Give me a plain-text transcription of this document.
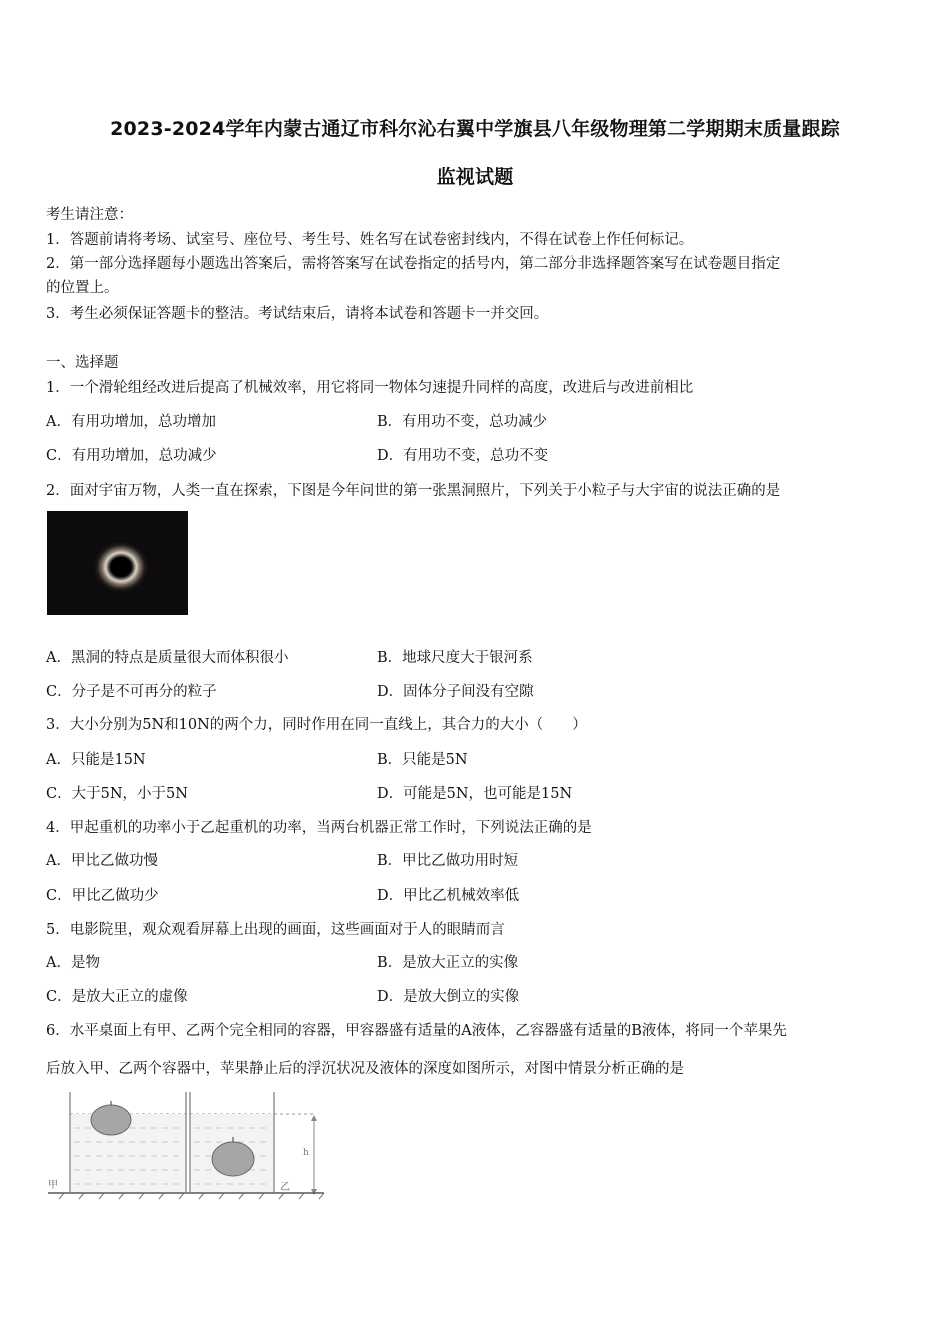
2023-2024学年内蒙古通辽市科尔沁右翼中学旗县八年级物理第二学期期末质量跟踪
监视试题
考生请注意：
1．答题前请将考场、试室号、座位号、考生号、姓名写在试卷密封线内，不得在试卷上作任何标记。
2．第一部分选择题每小题选出答案后，需将答案写在试卷指定的括号内，第二部分非选择题答案写在试卷题目指定
的位置上。
3．考生必须保证答题卡的整洁。考试结束后，请将本试卷和答题卡一并交回。
一、选择题
1．一个滑轮组经改进后提高了机械效率，用它将同一物体匀速提升同样的高度，改进后与改进前相比
A．有用功增加，总功增加	B．有用功不变，总功减少
C．有用功增加，总功减少	D．有用功不变，总功不变
2．面对宇宙万物，人类一直在探索，下图是今年问世的第一张黑洞照片，下列关于小粒子与大宇宙的说法正确的是
A．黑洞的特点是质量很大而体积很小	B．地球尺度大于银河系
C．分子是不可再分的粒子	D．固体分子间没有空隙
3．大小分别为5N和10N的两个力，同时作用在同一直线上，其合力的大小（　　）
A．只能是15N	B．只能是5N
C．大于5N，小于5N	D．可能是5N，也可能是15N
4．甲起重机的功率小于乙起重机的功率，当两台机器正常工作时，下列说法正确的是
A．甲比乙做功慢	B．甲比乙做功用时短
C．甲比乙做功少	D．甲比乙机械效率低
5．电影院里，观众观看屏幕上出现的画面，这些画面对于人的眼睛而言
A．是物	B．是放大正立的实像
C．是放大正立的虚像	D．是放大倒立的实像
6．水平桌面上有甲、乙两个完全相同的容器，甲容器盛有适量的A液体，乙容器盛有适量的B液体，将同一个苹果先
后放入甲、乙两个容器中，苹果静止后的浮沉状况及液体的深度如图所示，对图中情景分析正确的是
甲	乙
h
